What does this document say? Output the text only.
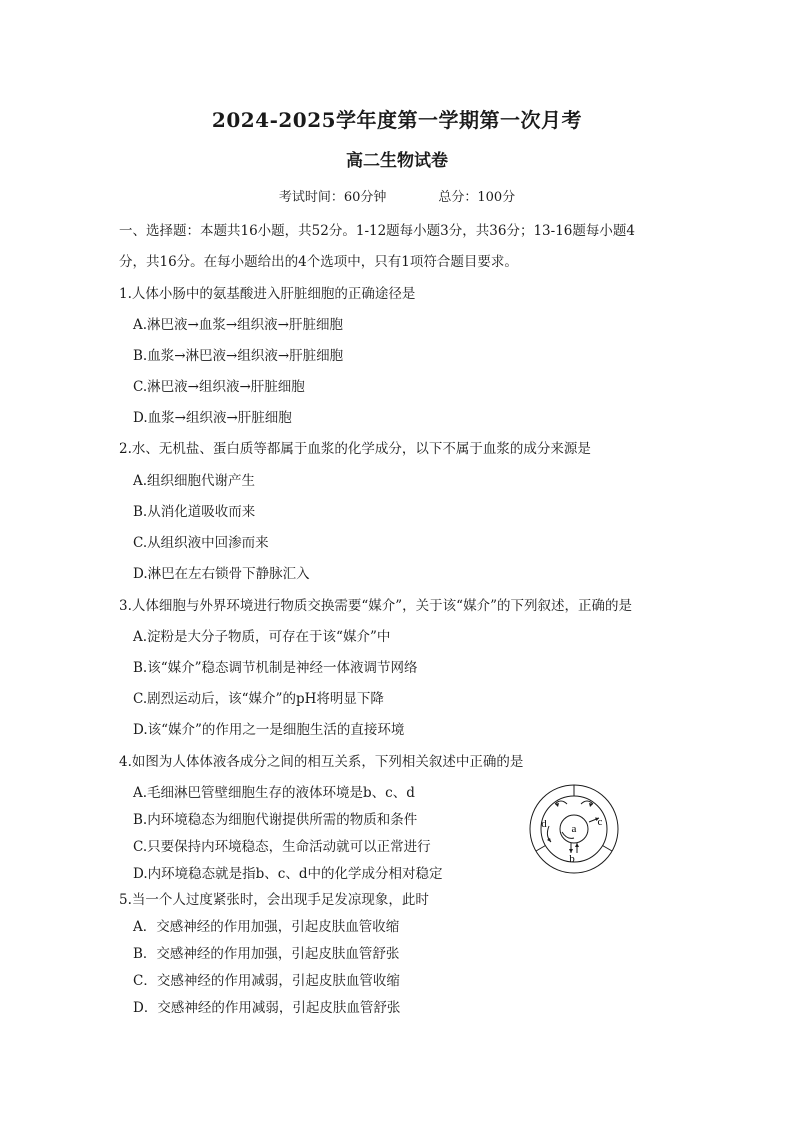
2024-2025学年度第一学期第一次月考
高二生物试卷
考试时间：60分钟	总分：100分
一、选择题：本题共16小题，共52分。1-12题每小题3分，共36分；13-16题每小题4
分，共16分。在每小题给出的4个选项中，只有1项符合题目要求。
1.人体小肠中的氨基酸进入肝脏细胞的正确途径是
A.淋巴液→血浆→组织液→肝脏细胞
B.血浆→淋巴液→组织液→肝脏细胞
C.淋巴液→组织液→肝脏细胞
D.血浆→组织液→肝脏细胞
2.水、无机盐、蛋白质等都属于血浆的化学成分，以下不属于血浆的成分来源是
A.组织细胞代谢产生
B.从消化道吸收而来
C.从组织液中回渗而来
D.淋巴在左右锁骨下静脉汇入
3.人体细胞与外界环境进行物质交换需要“媒介”，关于该“媒介”的下列叙述，正确的是
A.淀粉是大分子物质，可存在于该“媒介”中
B.该“媒介”稳态调节机制是神经一体液调节网络
C.剧烈运动后，该“媒介”的pH将明显下降
D.该“媒介”的作用之一是细胞生活的直接环境
4.如图为人体体液各成分之间的相互关系，下列相关叙述中正确的是
A.毛细淋巴管壁细胞生存的液体环境是b、c、d
B.内环境稳态为细胞代谢提供所需的物质和条件
C.只要保持内环境稳态，生命活动就可以正常进行
D.内环境稳态就是指b、c、d中的化学成分相对稳定
a
b
c
d
5.当一个人过度紧张时，会出现手足发凉现象，此时
A．交感神经的作用加强，引起皮肤血管收缩
B．交感神经的作用加强，引起皮肤血管舒张
C．交感神经的作用减弱，引起皮肤血管收缩
D．交感神经的作用减弱，引起皮肤血管舒张
